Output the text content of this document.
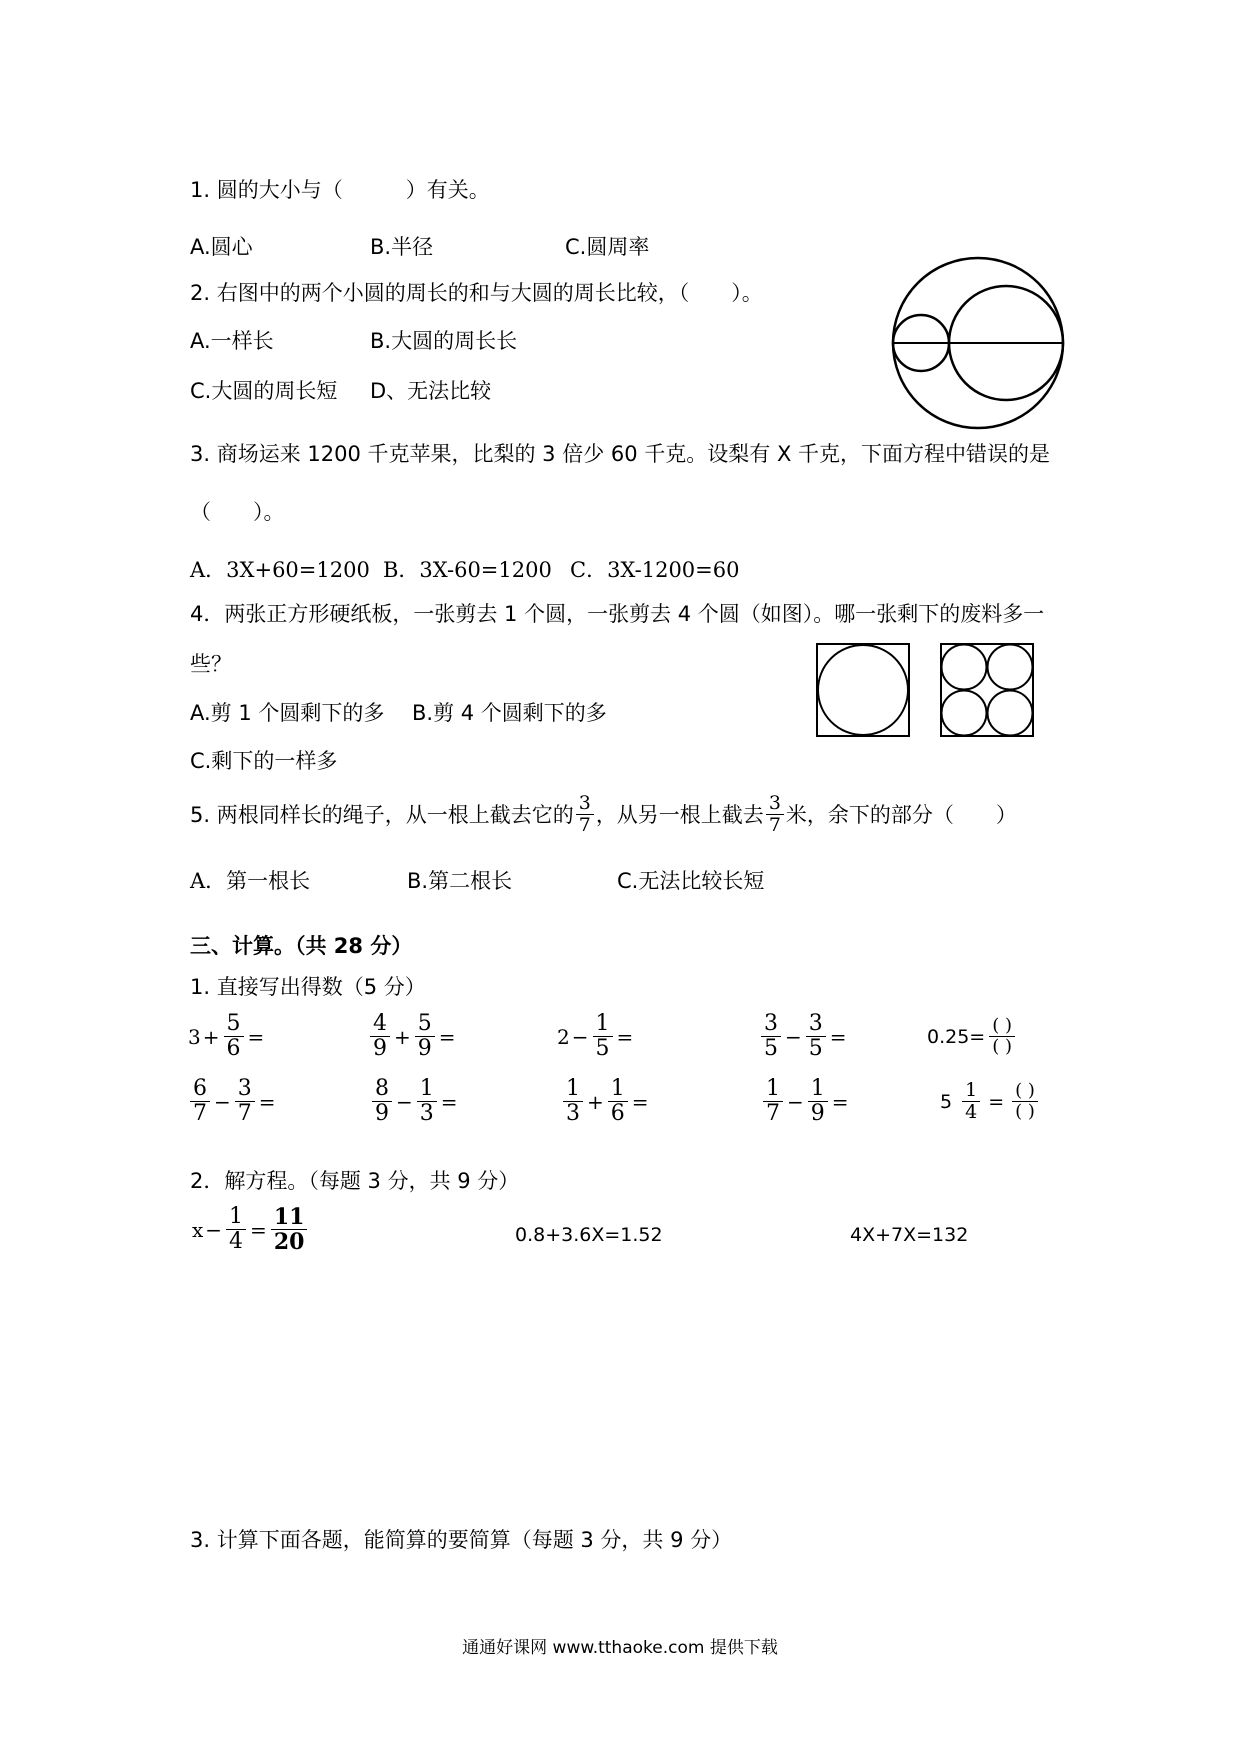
1. 圆的大小与（　　　）有关。
A.圆心	B.半径	C.圆周率
2. 右图中的两个小圆的周长的和与大圆的周长比较，（　　）。
A.一样长	B.大圆的周长长
C.大圆的周长短 D、无法比较
3. 商场运来 1200 千克苹果，比梨的 3 倍少 60 千克。设梨有 X 千克，下面方程中错误的是
（　　）。
A．3X+60=1200 B．3X-60=1200 C．3X-1200=60
4．两张正方形硬纸板，一张剪去 1 个圆，一张剪去 4 个圆（如图）。哪一张剩下的废料多一
些？
A.剪 1 个圆剩下的多 B.剪 4 个圆剩下的多
C.剩下的一样多
5. 两根同样长的绳子，从一根上截去它的 $\frac{3}{7}$ ，从另一根上截去 $\frac{3}{7}$ 米，余下的部分（　　）
A．第一根长	B.第二根长	C.无法比较长短
三、计算。（共 28 分）
1. 直接写出得数（5 分）
$3 + \frac{5}{6}$ =	$\frac{4}{9} + \frac{5}{9}$ =	$2 - \frac{1}{5}$ =	$\frac{3}{5} - \frac{3}{5}$ =	$0.25= \frac{( )}{( )}$
$\frac{6}{7} - \frac{3}{7}$ =	$\frac{8}{9} - \frac{1}{3}$ =	$\frac{1}{3} + \frac{1}{6}$ =	$\frac{1}{7} - \frac{1}{9}$ =	$5 \frac{1}{4} = \frac{( )}{( )}$
2．解方程。（每题 3 分，共 9 分）
$x - \frac{1}{4} = \frac{11}{20}$	0.8+3.6X=1.52	4X+7X=132
3. 计算下面各题，能简算的要简算（每题 3 分，共 9 分）
通通好课网 www.tthaoke.com 提供下载
